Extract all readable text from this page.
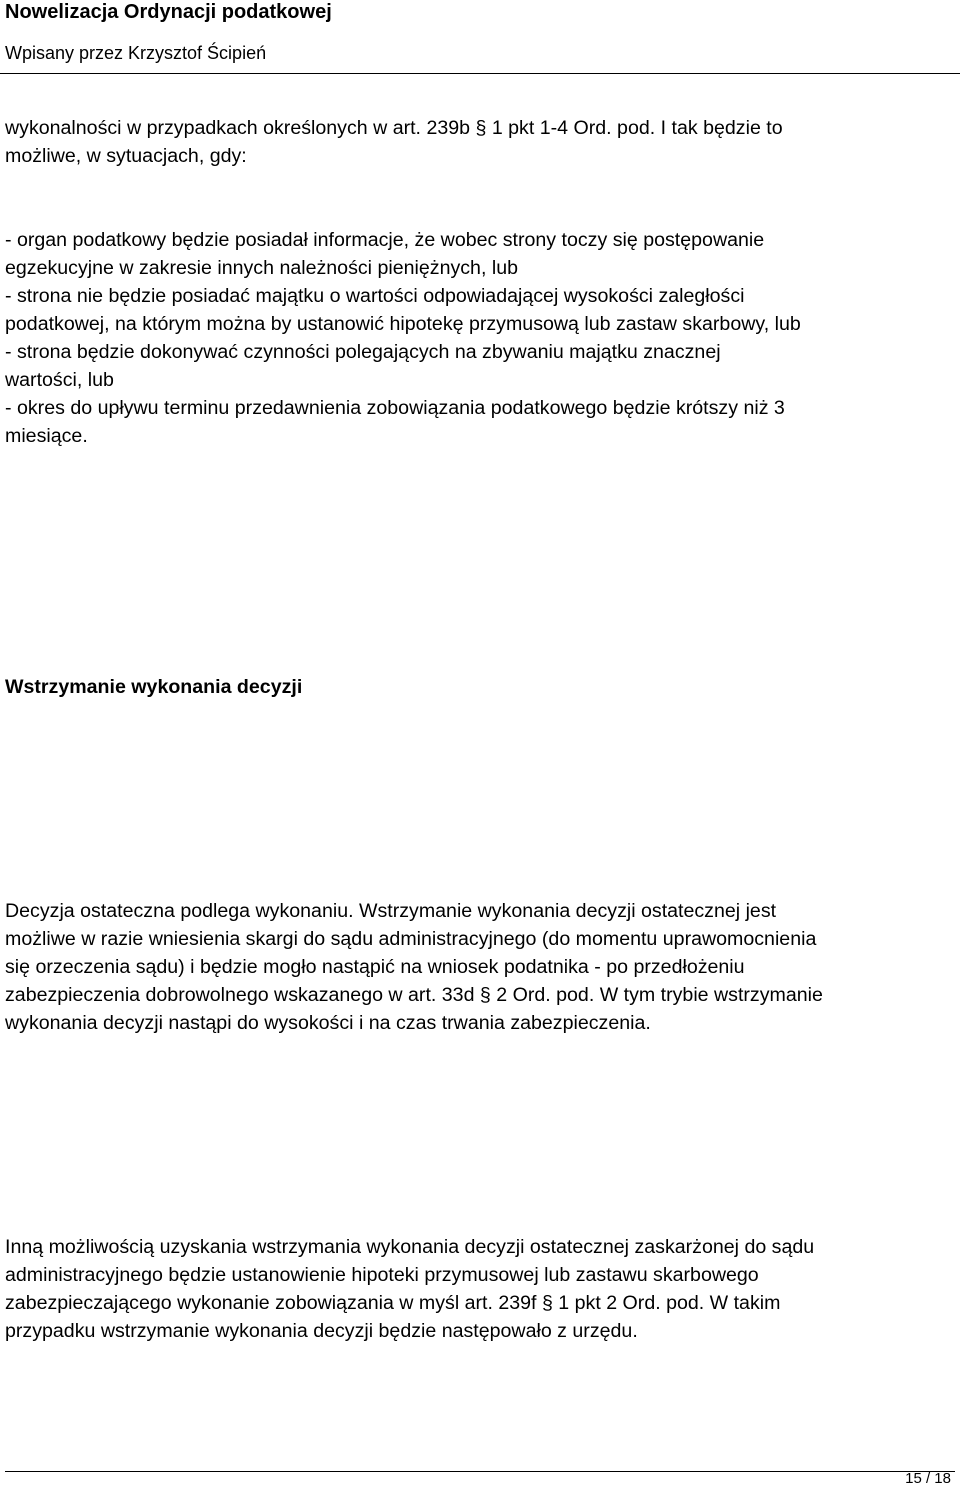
Nowelizacja Ordynacji podatkowej
Wpisany przez Krzysztof Ścipień

wykonalności w przypadkach określonych w art. 239b § 1 pkt 1-4 Ord. pod. I tak będzie to

możliwe, w sytuacjach, gdy:

- organ podatkowy będzie posiadał informacje, że wobec strony toczy się postępowanie

egzekucyjne w zakresie innych należności pieniężnych, lub

- strona nie będzie posiadać majątku o wartości odpowiadającej wysokości zaległości

podatkowej, na którym można by ustanowić hipotekę przymusową lub zastaw skarbowy, lub

- strona będzie dokonywać czynności polegających na zbywaniu majątku znacznej

wartości, lub

- okres do upływu terminu przedawnienia zobowiązania podatkowego będzie krótszy niż 3

miesiące.

Wstrzymanie wykonania decyzji

Decyzja ostateczna podlega wykonaniu. Wstrzymanie wykonania decyzji ostatecznej jest

możliwe w razie wniesienia skargi do sądu administracyjnego (do momentu uprawomocnienia

się orzeczenia sądu) i będzie mogło nastąpić na wniosek podatnika - po przedłożeniu

zabezpieczenia dobrowolnego wskazanego w art. 33d § 2 Ord. pod. W tym trybie wstrzymanie

wykonania decyzji nastąpi do wysokości i na czas trwania zabezpieczenia.

Inną możliwością uzyskania wstrzymania wykonania decyzji ostatecznej zaskarżonej do sądu

administracyjnego będzie ustanowienie hipoteki przymusowej lub zastawu skarbowego

zabezpieczającego wykonanie zobowiązania w myśl art. 239f § 1 pkt 2 Ord. pod. W takim

przypadku wstrzymanie wykonania decyzji będzie następowało z urzędu.

15 / 18
